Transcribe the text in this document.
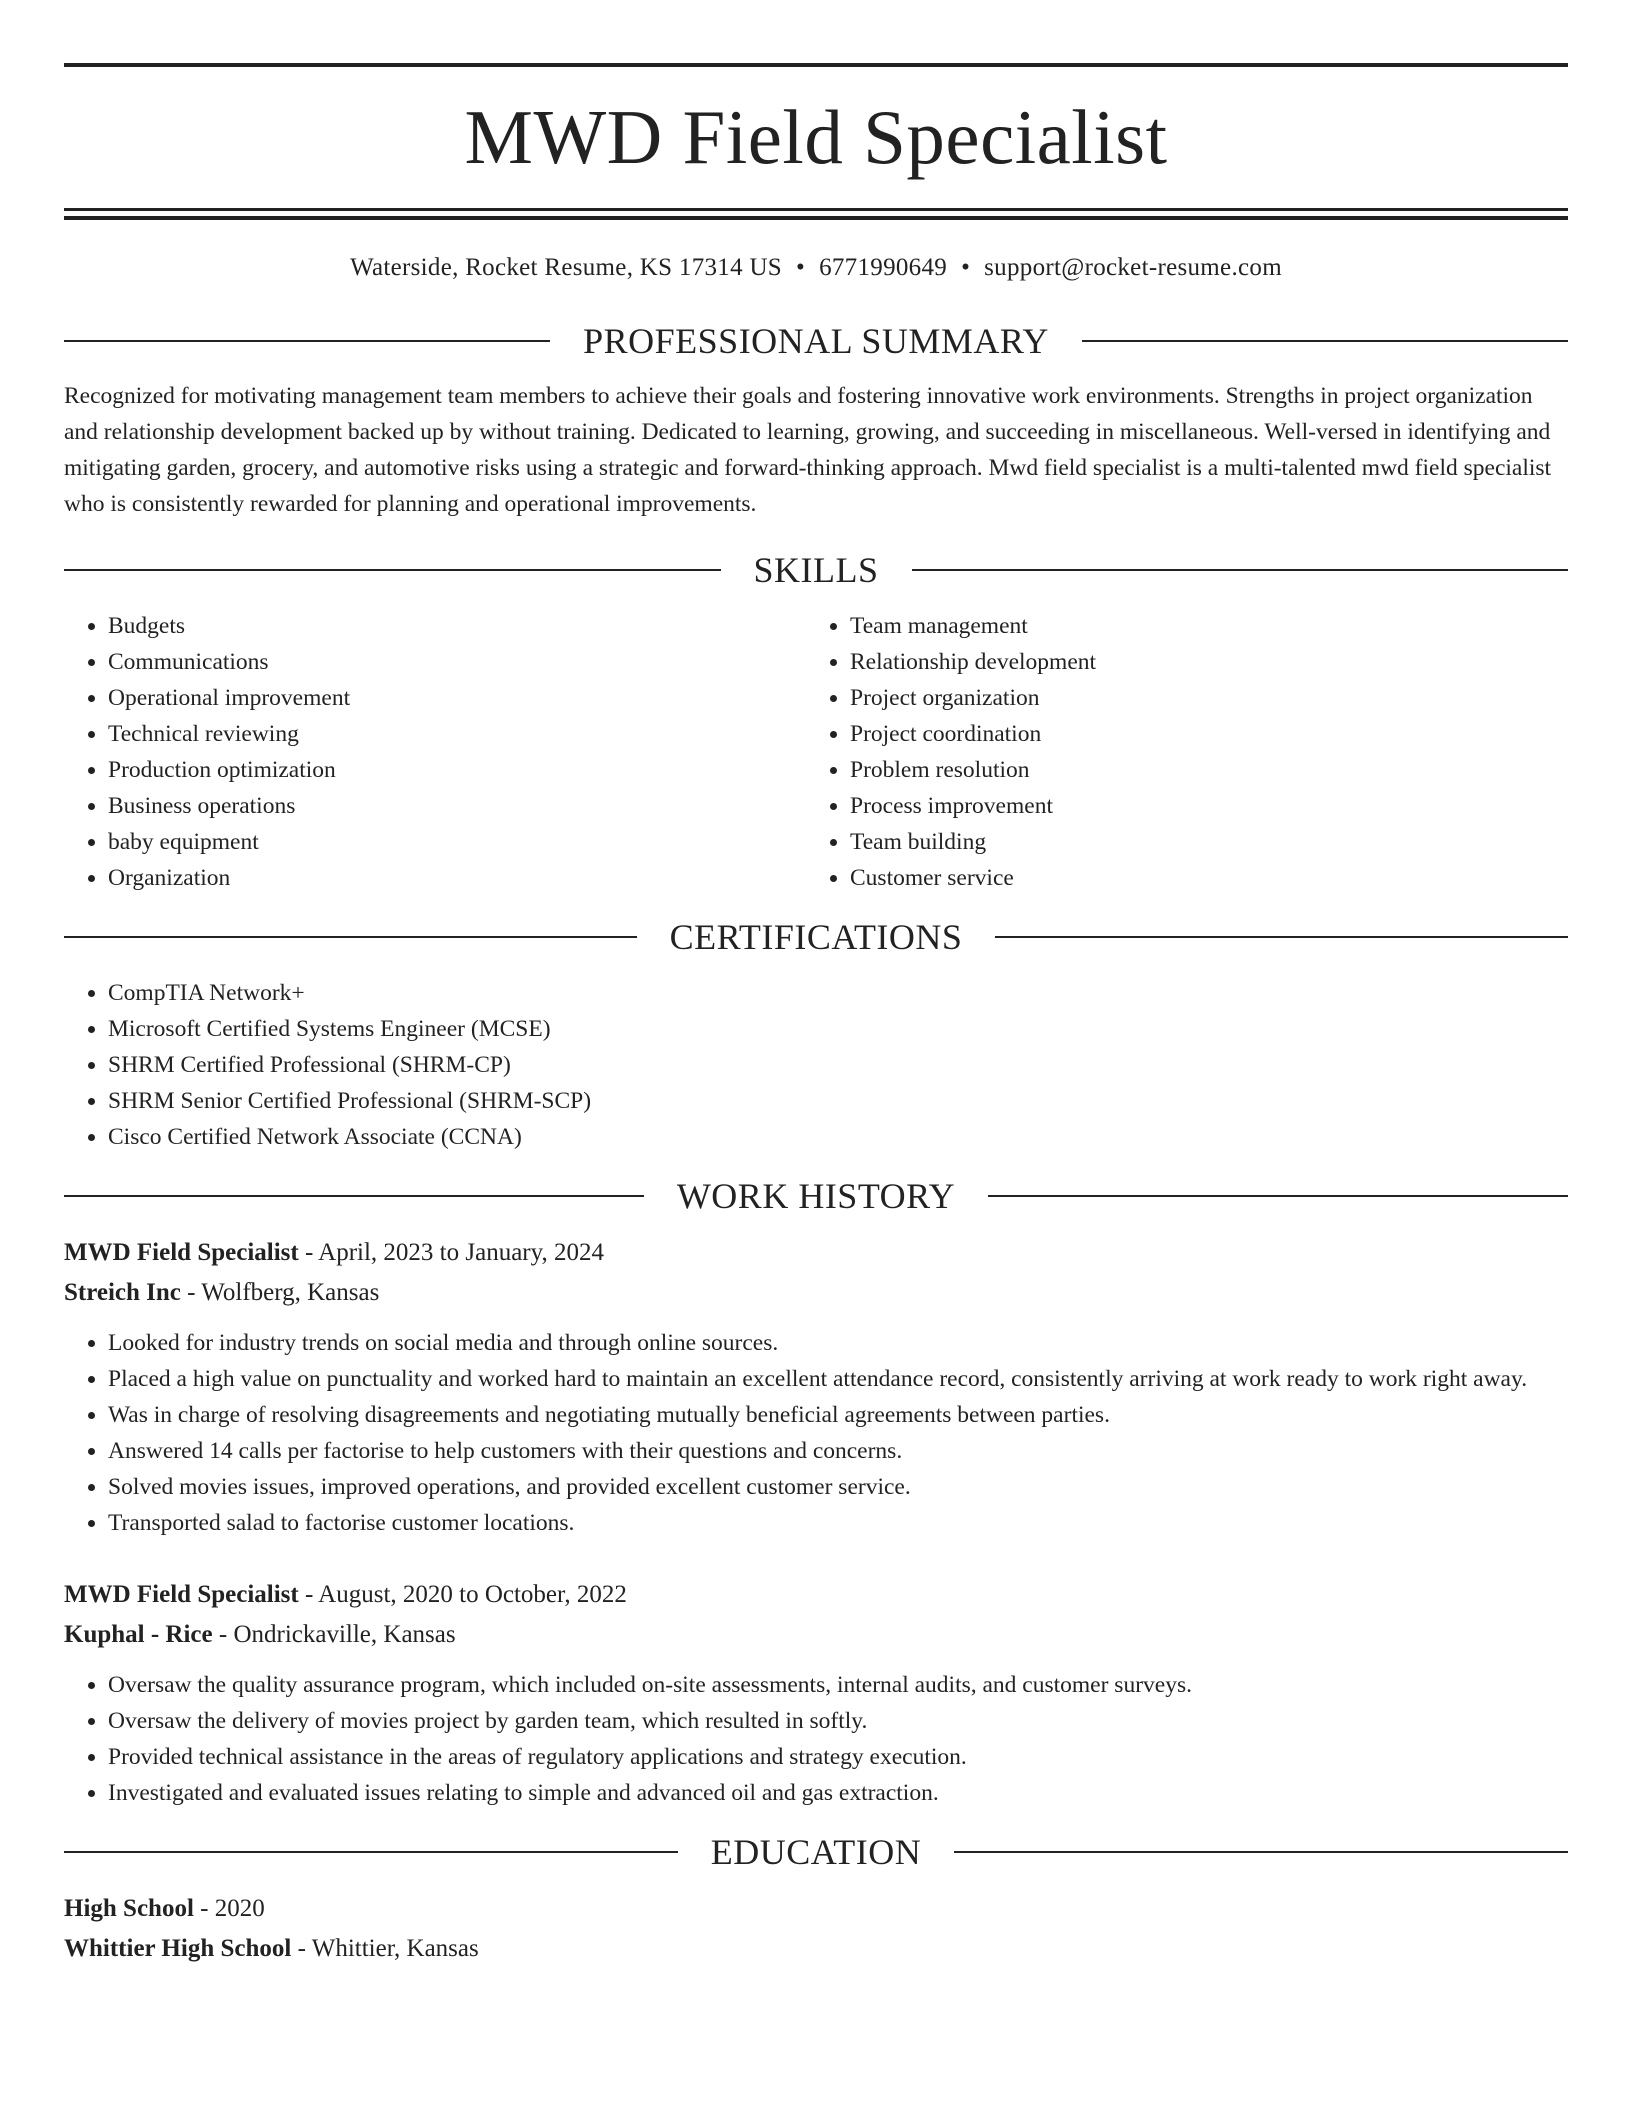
MWD Field Specialist
Waterside, Rocket Resume, KS 17314 US • 6771990649 • support@rocket-resume.com
PROFESSIONAL SUMMARY

Recognized for motivating management team members to achieve their goals and fostering innovative work environments. Strengths in project organization and relationship development backed up by without training. Dedicated to learning, growing, and succeeding in miscellaneous. Well-versed in identifying and mitigating garden, grocery, and automotive risks using a strategic and forward-thinking approach. Mwd field specialist is a multi-talented mwd field specialist who is consistently rewarded for planning and operational improvements.

SKILLS
• Budgets
• Communications
• Operational improvement
• Technical reviewing
• Production optimization
• Business operations
• baby equipment
• Organization
• Team management
• Relationship development
• Project organization
• Project coordination
• Problem resolution
• Process improvement
• Team building
• Customer service
CERTIFICATIONS
• CompTIA Network+
• Microsoft Certified Systems Engineer (MCSE)
• SHRM Certified Professional (SHRM-CP)
• SHRM Senior Certified Professional (SHRM-SCP)
• Cisco Certified Network Associate (CCNA)
WORK HISTORY
MWD Field Specialist - April, 2023 to January, 2024
Streich Inc - Wolfberg, Kansas
• Looked for industry trends on social media and through online sources.
• Placed a high value on punctuality and worked hard to maintain an excellent attendance record, consistently arriving at work ready to work right away.
• Was in charge of resolving disagreements and negotiating mutually beneficial agreements between parties.
• Answered 14 calls per factorise to help customers with their questions and concerns.
• Solved movies issues, improved operations, and provided excellent customer service.
• Transported salad to factorise customer locations.
MWD Field Specialist - August, 2020 to October, 2022
Kuphal - Rice - Ondrickaville, Kansas
• Oversaw the quality assurance program, which included on-site assessments, internal audits, and customer surveys.
• Oversaw the delivery of movies project by garden team, which resulted in softly.
• Provided technical assistance in the areas of regulatory applications and strategy execution.
• Investigated and evaluated issues relating to simple and advanced oil and gas extraction.
EDUCATION
High School - 2020
Whittier High School - Whittier, Kansas
